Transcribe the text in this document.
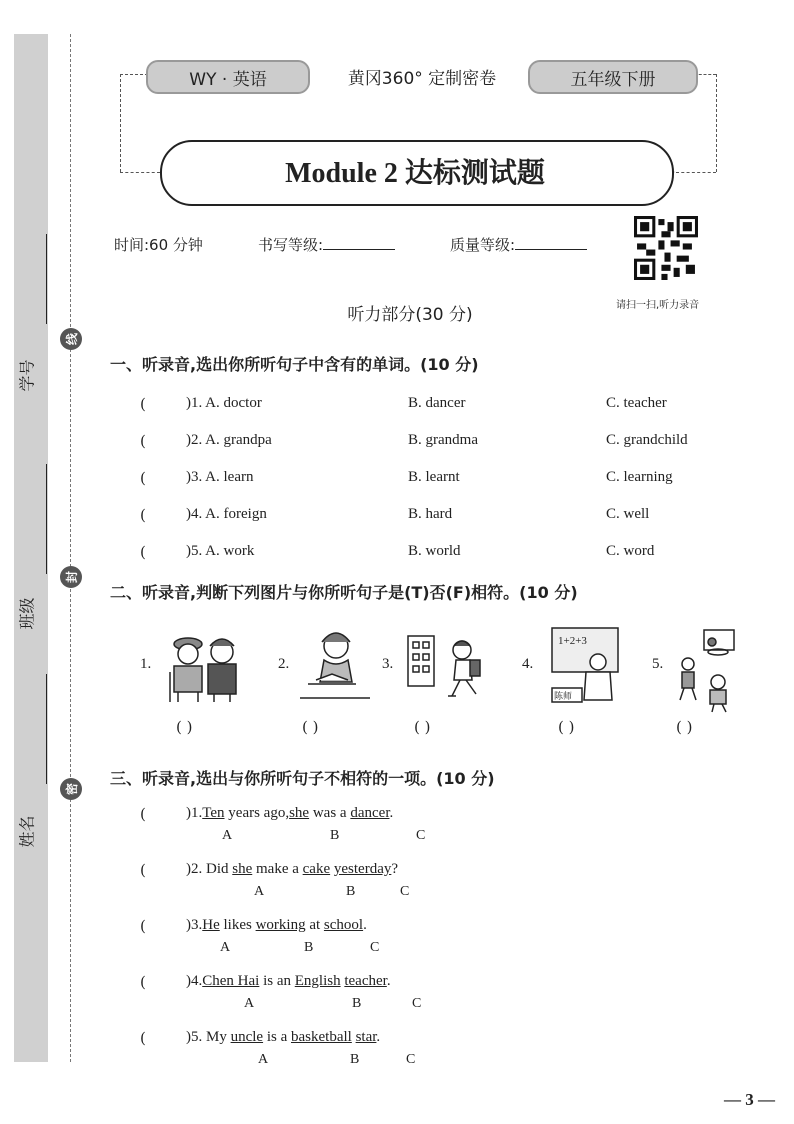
学号
班级
姓名
线
封
密
WY · 英语	黄冈360° 定制密卷	五年级下册
Module 2 达标测试题
时间:60 分钟	书写等级:	质量等级:
请扫一扫,听力录音
听力部分(30 分)
一、听录音,选出你所听句子中含有的单词。(10 分)
(	)1. A. doctor	B. dancer	C. teacher
(	)2. A. grandpa	B. grandma	C. grandchild
(	)3. A. learn	B. learnt	C. learning
(	)4. A. foreign	B. hard	C. well
(	)5. A. work	B. world	C. word
二、听录音,判断下列图片与你所听句子是(T)否(F)相符。(10 分)
1.
( )
2.
( )
3.
( )
4.
1+2+3
陈师
( )
5.
( )
三、听录音,选出与你所听句子不相符的一项。(10 分)
(	)1.Ten years ago,she was a dancer.
A	B	C
(	)2. Did she make a cake yesterday?
A	B	C
(	)3.He likes working at school.
A	B	C
(	)4.Chen Hai is an English teacher.
A	B	C
(	)5. My uncle is a basketball star.
A	B	C
— 3 —
